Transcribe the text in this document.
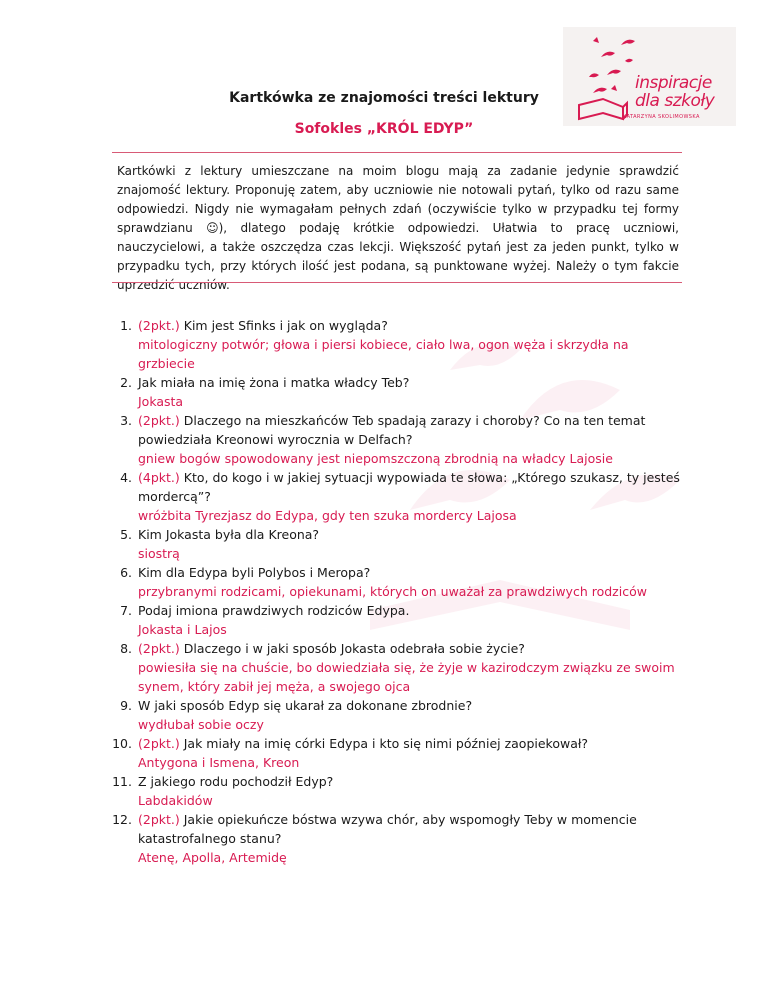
inspiracje
dla szkoły
KATARZYNA SKOLIMOWSKA
Kartkówka ze znajomości treści lektury
Sofokles „KRÓL EDYP”
Kartkówki z lektury umieszczane na moim blogu mają za zadanie jedynie sprawdzić znajomość lektury. Proponuję zatem, aby uczniowie nie notowali pytań, tylko od razu same odpowiedzi. Nigdy nie wymagałam pełnych zdań (oczywiście tylko w przypadku tej formy sprawdzianu ☺), dlatego podaję krótkie odpowiedzi. Ułatwia to pracę uczniowi, nauczycielowi, a także oszczędza czas lekcji. Większość pytań jest za jeden punkt, tylko w przypadku tych, przy których ilość jest podana, są punktowane wyżej. Należy o tym fakcie uprzedzić uczniów.
1. (2pkt.) Kim jest Sfinks i jak on wygląda?
mitologiczny potwór; głowa i piersi kobiece, ciało lwa, ogon węża i skrzydła na grzbiecie
2. Jak miała na imię żona i matka władcy Teb?
Jokasta
3. (2pkt.) Dlaczego na mieszkańców Teb spadają zarazy i choroby? Co na ten temat powiedziała Kreonowi wyrocznia w Delfach?
gniew bogów spowodowany jest niepomszczoną zbrodnią na władcy Lajosie
4. (4pkt.) Kto, do kogo i w jakiej sytuacji wypowiada te słowa: „Którego szukasz, ty jesteś mordercą”?
wróżbita Tyrezjasz do Edypa, gdy ten szuka mordercy Lajosa
5. Kim Jokasta była dla Kreona?
siostrą
6. Kim dla Edypa byli Polybos i Meropa?
przybranymi rodzicami, opiekunami, których on uważał za prawdziwych rodziców
7. Podaj imiona prawdziwych rodziców Edypa.
Jokasta i Lajos
8. (2pkt.) Dlaczego i w jaki sposób Jokasta odebrała sobie życie?
powiesiła się na chuście, bo dowiedziała się, że żyje w kazirodczym związku ze swoim synem, który zabił jej męża, a swojego ojca
9. W jaki sposób Edyp się ukarał za dokonane zbrodnie?
wydłubał sobie oczy
10. (2pkt.) Jak miały na imię córki Edypa i kto się nimi później zaopiekował?
Antygona i Ismena, Kreon
11. Z jakiego rodu pochodził Edyp?
Labdakidów
12. (2pkt.) Jakie opiekuńcze bóstwa wzywa chór, aby wspomogły Teby w momencie katastrofalnego stanu?
Atenę, Apolla, Artemidę
